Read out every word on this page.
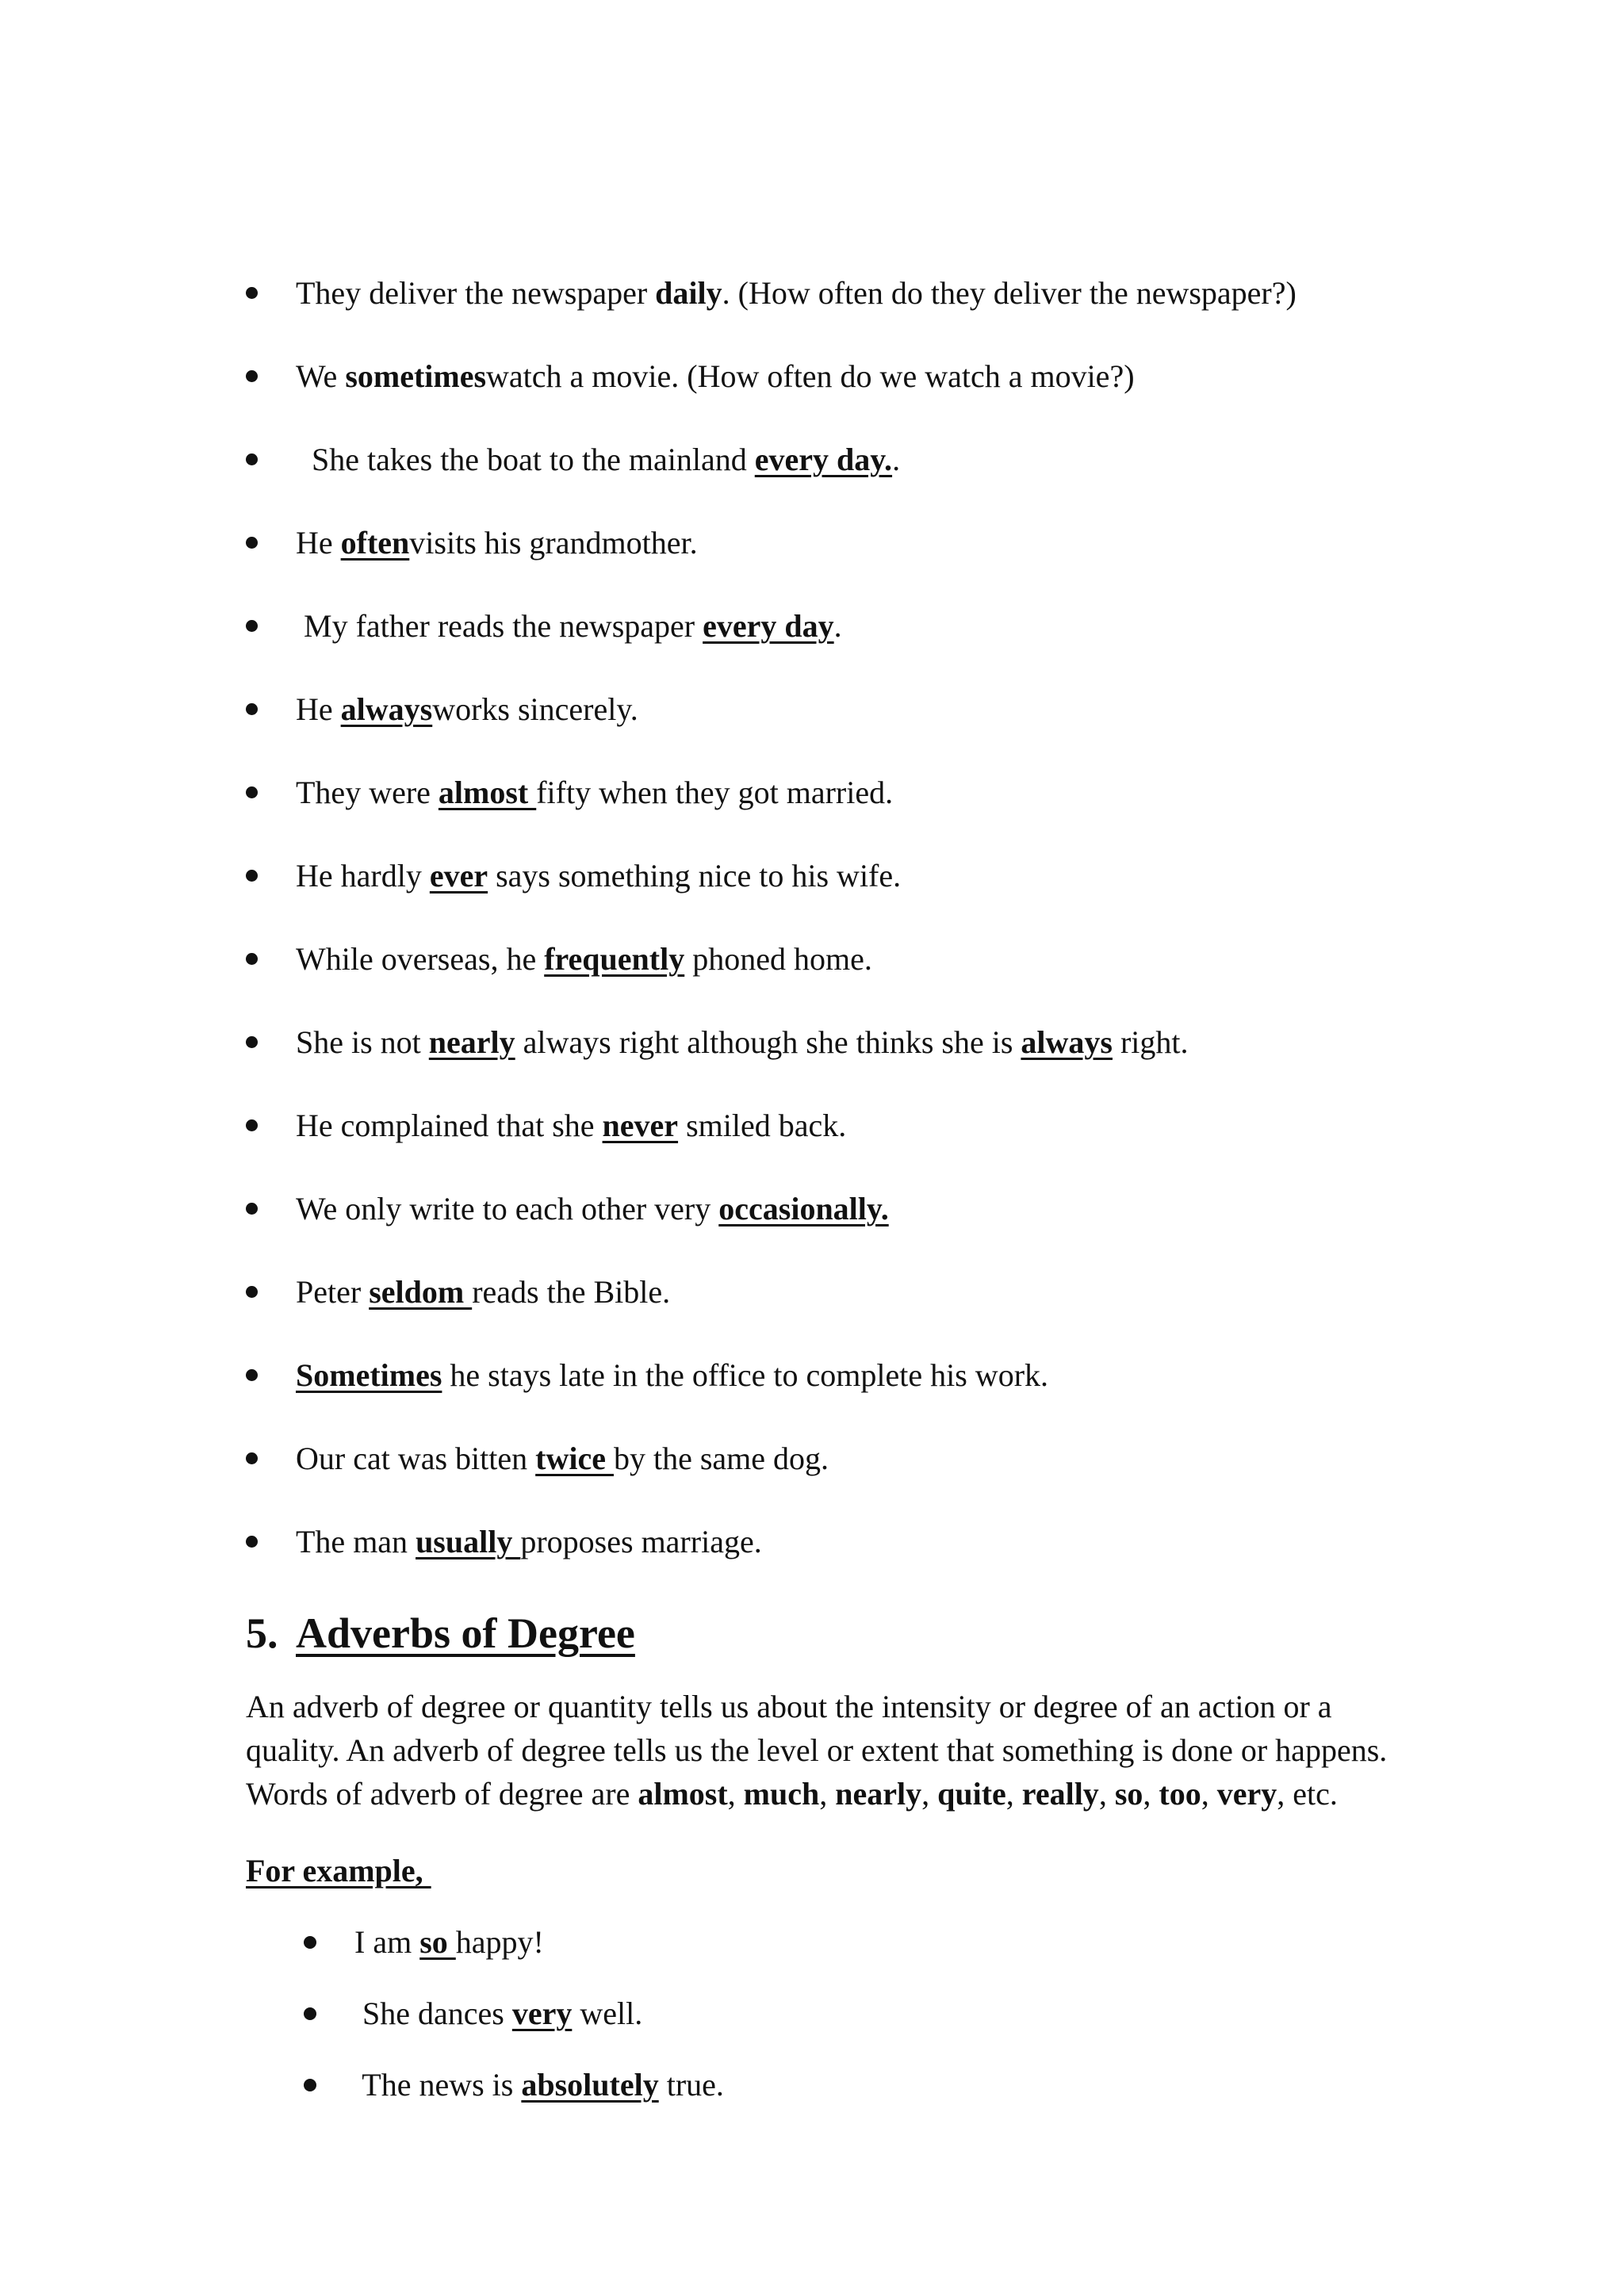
They deliver the newspaper daily. (How often do they deliver the newspaper?)
We sometimeswatch a movie. (How often do we watch a movie?)
She takes the boat to the mainland every day..
He oftenvisits his grandmother.
My father reads the newspaper every day.
He alwaysworks sincerely.
They were almost fifty when they got married.
He hardly ever says something nice to his wife.
While overseas, he frequently phoned home.
She is not nearly always right although she thinks she is always right.
He complained that she never smiled back.
We only write to each other very occasionally.
Peter seldom reads the Bible.
Sometimes he stays late in the office to complete his work.
Our cat was bitten twice by the same dog.
The man usually proposes marriage.
5. Adverbs of Degree
An adverb of degree or quantity tells us about the intensity or degree of an action or a
quality. An adverb of degree tells us the level or extent that something is done or happens.
Words of adverb of degree are almost, much, nearly, quite, really, so, too, very, etc.
For example,
I am so happy!
She dances very well.
The news is absolutely true.
